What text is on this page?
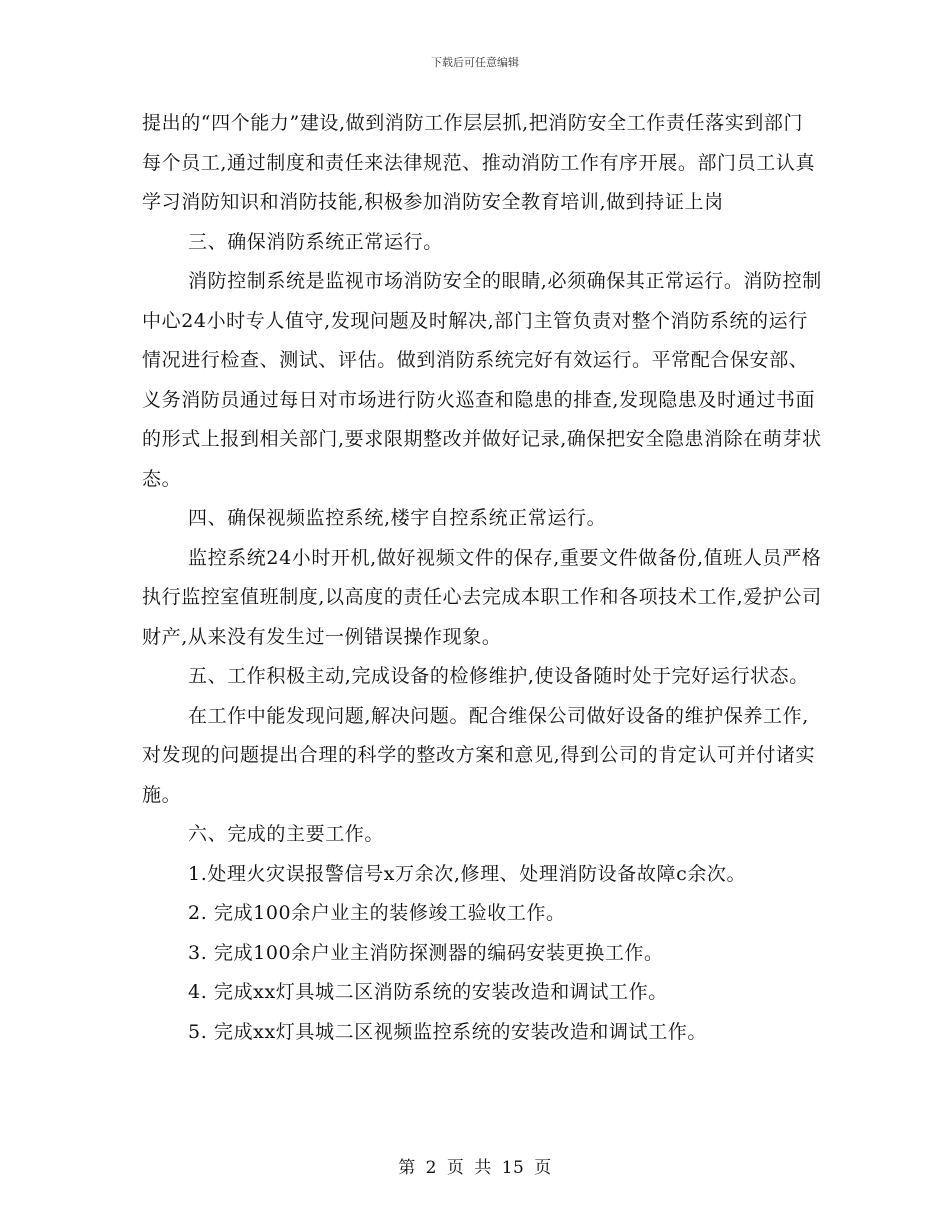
下载后可任意编辑

提出的“四个能力”建设,做到消防工作层层抓,把消防安全工作责任落实到部门每个员工,通过制度和责任来法律规范、推动消防工作有序开展。部门员工认真学习消防知识和消防技能,积极参加消防安全教育培训,做到持证上岗

三、确保消防系统正常运行。

消防控制系统是监视市场消防安全的眼睛,必须确保其正常运行。消防控制中心24小时专人值守,发现问题及时解决,部门主管负责对整个消防系统的运行情况进行检查、测试、评估。做到消防系统完好有效运行。平常配合保安部、义务消防员通过每日对市场进行防火巡查和隐患的排查,发现隐患及时通过书面的形式上报到相关部门,要求限期整改并做好记录,确保把安全隐患消除在萌芽状态。

四、确保视频监控系统,楼宇自控系统正常运行。

监控系统24小时开机,做好视频文件的保存,重要文件做备份,值班人员严格执行监控室值班制度,以高度的责任心去完成本职工作和各项技术工作,爱护公司财产,从来没有发生过一例错误操作现象。

五、工作积极主动,完成设备的检修维护,使设备随时处于完好运行状态。

在工作中能发现问题,解决问题。配合维保公司做好设备的维护保养工作,对发现的问题提出合理的科学的整改方案和意见,得到公司的肯定认可并付诸实施。

六、完成的主要工作。

1.处理火灾误报警信号x万余次,修理、处理消防设备故障c余次。

2. 完成100余户业主的装修竣工验收工作。

3. 完成100余户业主消防探测器的编码安装更换工作。

4. 完成xx灯具城二区消防系统的安装改造和调试工作。

5. 完成xx灯具城二区视频监控系统的安装改造和调试工作。

第 2 页 共 15 页
